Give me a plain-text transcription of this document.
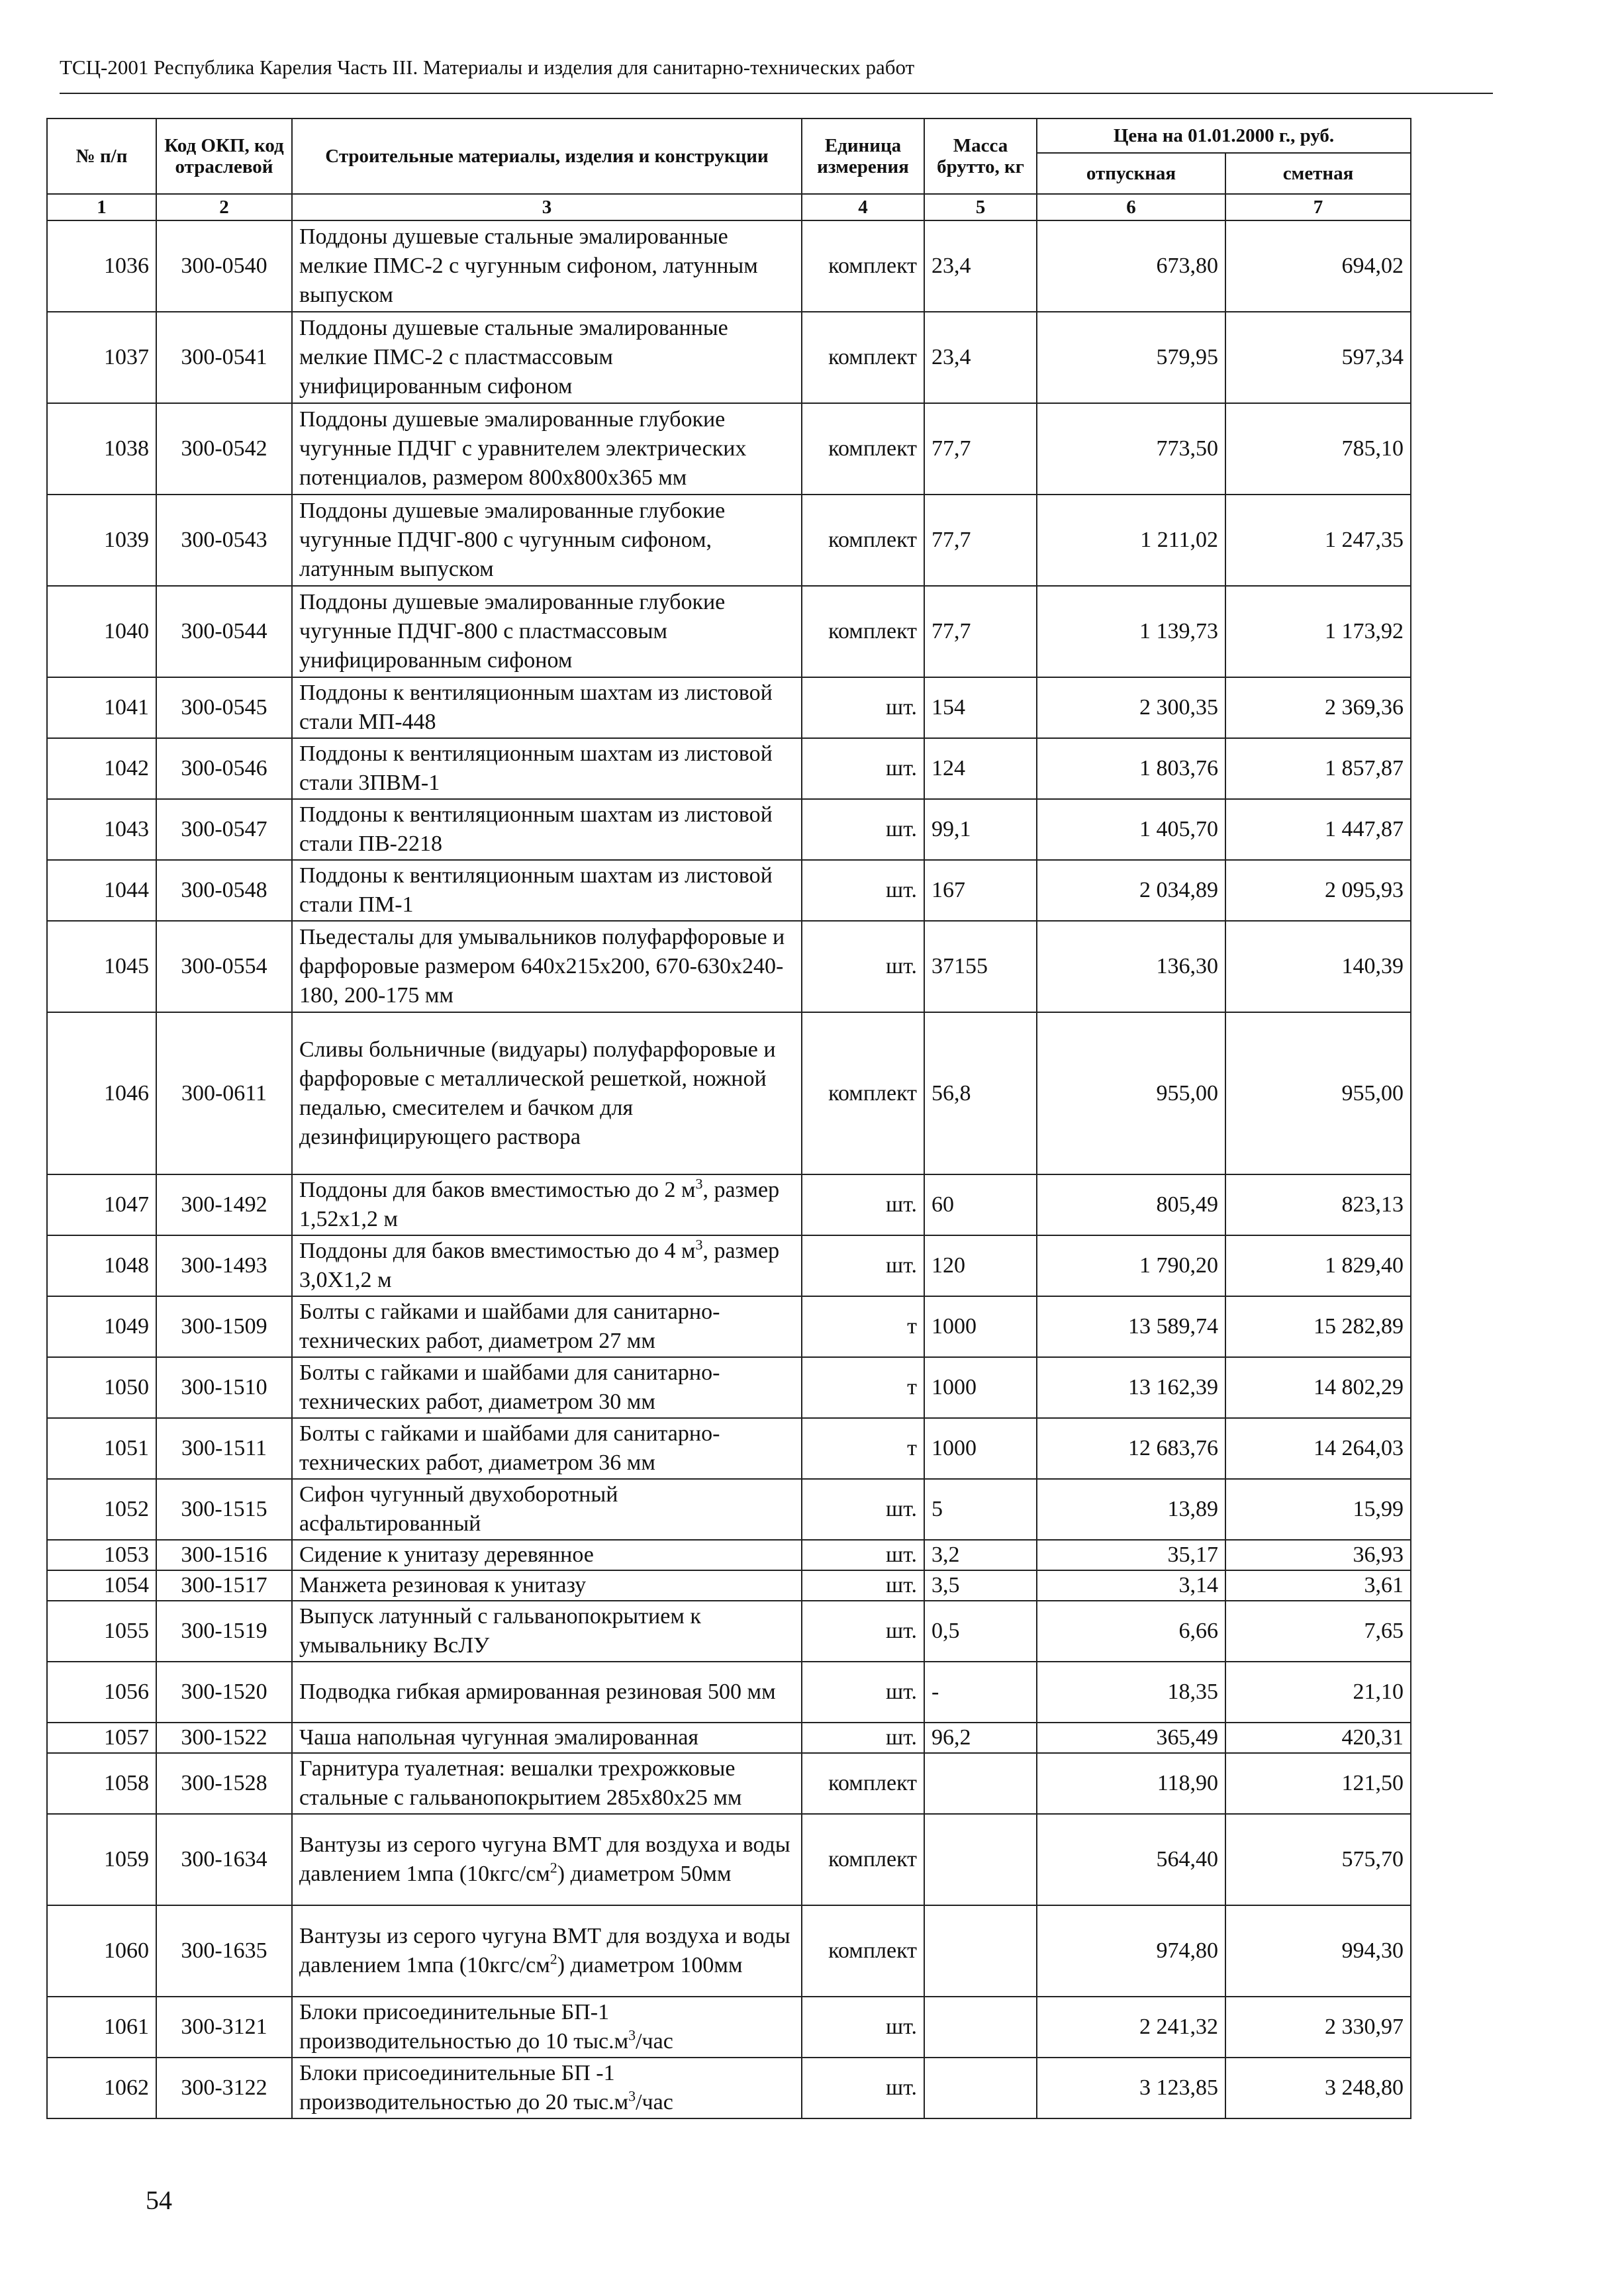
ТСЦ-2001 Республика Карелия Часть III. Материалы и изделия для санитарно-технических работ
№ п/п	Код ОКП, код отраслевой	Строительные материалы, изделия и конструкции	Единица измерения	Масса брутто, кг	Цена на 01.01.2000 г., руб.	
					отпускная	сметная
1	2	3	4	5	6	7
1036	300-0540	Поддоны душевые стальные эмалированные мелкие ПМС-2 с чугунным сифоном, латунным выпуском	комплект	23,4	673,80	694,02
1037	300-0541	Поддоны душевые стальные эмалированные мелкие ПМС-2 с пластмассовым унифицированным сифоном	комплект	23,4	579,95	597,34
1038	300-0542	Поддоны душевые эмалированные глубокие чугунные ПДЧГ с уравнителем электрических потенциалов, размером 800x800x365 мм	комплект	77,7	773,50	785,10
1039	300-0543	Поддоны душевые эмалированные глубокие чугунные ПДЧГ-800 с чугунным сифоном, латунным выпуском	комплект	77,7	1 211,02	1 247,35
1040	300-0544	Поддоны душевые эмалированные глубокие чугунные ПДЧГ-800 с пластмассовым унифицированным сифоном	комплект	77,7	1 139,73	1 173,92
1041	300-0545	Поддоны к вентиляционным шахтам из листовой стали МП-448	шт.	154	2 300,35	2 369,36
1042	300-0546	Поддоны к вентиляционным шахтам из листовой стали 3ПВМ-1	шт.	124	1 803,76	1 857,87
1043	300-0547	Поддоны к вентиляционным шахтам из листовой стали ПВ-2218	шт.	99,1	1 405,70	1 447,87
1044	300-0548	Поддоны к вентиляционным шахтам из листовой стали ПМ-1	шт.	167	2 034,89	2 095,93
1045	300-0554	Пьедесталы для умывальников полуфарфоровые и фарфоровые размером 640x215x200, 670-630x240-180, 200-175 мм	шт.	37155	136,30	140,39
1046	300-0611	Сливы больничные (видуары) полуфарфоровые и фарфоровые с металлической решеткой, ножной педалью, смесителем и бачком для дезинфицирующего раствора	комплект	56,8	955,00	955,00
1047	300-1492	Поддоны для баков вместимостью до 2 $м^3$, размер 1,52x1,2 м	шт.	60	805,49	823,13
1048	300-1493	Поддоны для баков вместимостью до 4 $м^3$, размер 3,0X1,2 м	шт.	120	1 790,20	1 829,40
1049	300-1509	Болты с гайками и шайбами для санитарно-технических работ, диаметром 27 мм	т	1000	13 589,74	15 282,89
1050	300-1510	Болты с гайками и шайбами для санитарно-технических работ, диаметром 30 мм	т	1000	13 162,39	14 802,29
1051	300-1511	Болты с гайками и шайбами для санитарно-технических работ, диаметром 36 мм	т	1000	12 683,76	14 264,03
1052	300-1515	Сифон чугунный двухоборотный асфальтированный	шт.	5	13,89	15,99
1053	300-1516	Сидение к унитазу деревянное	шт.	3,2	35,17	36,93
1054	300-1517	Манжета резиновая к унитазу	шт.	3,5	3,14	3,61
1055	300-1519	Выпуск латунный с гальванопокрытием к умывальнику ВсЛУ	шт.	0,5	6,66	7,65
1056	300-1520	Подводка гибкая армированная резиновая 500 мм	шт.	-	18,35	21,10
1057	300-1522	Чаша напольная чугунная эмалированная	шт.	96,2	365,49	420,31
1058	300-1528	Гарнитура туалетная: вешалки трехрожковые стальные с гальванопокрытием 285x80x25 мм	комплект		118,90	121,50
1059	300-1634	Вантузы из серого чугуна ВМТ для воздуха и воды давлением 1мпа $(10кгс/см^2)$ диаметром 50мм	комплект		564,40	575,70
1060	300-1635	Вантузы из серого чугуна ВМТ для воздуха и воды давлением 1мпа $(10кгс/см^2)$ диаметром 100мм	комплект		974,80	994,30
1061	300-3121	Блоки присоединительные БП-1 производительностью до 10 $тыс.м^3$/час	шт.		2 241,32	2 330,97
1062	300-3122	Блоки присоединительные БП -1 производительностью до 20 $тыс.м^3$/час	шт.		3 123,85	3 248,80
54
